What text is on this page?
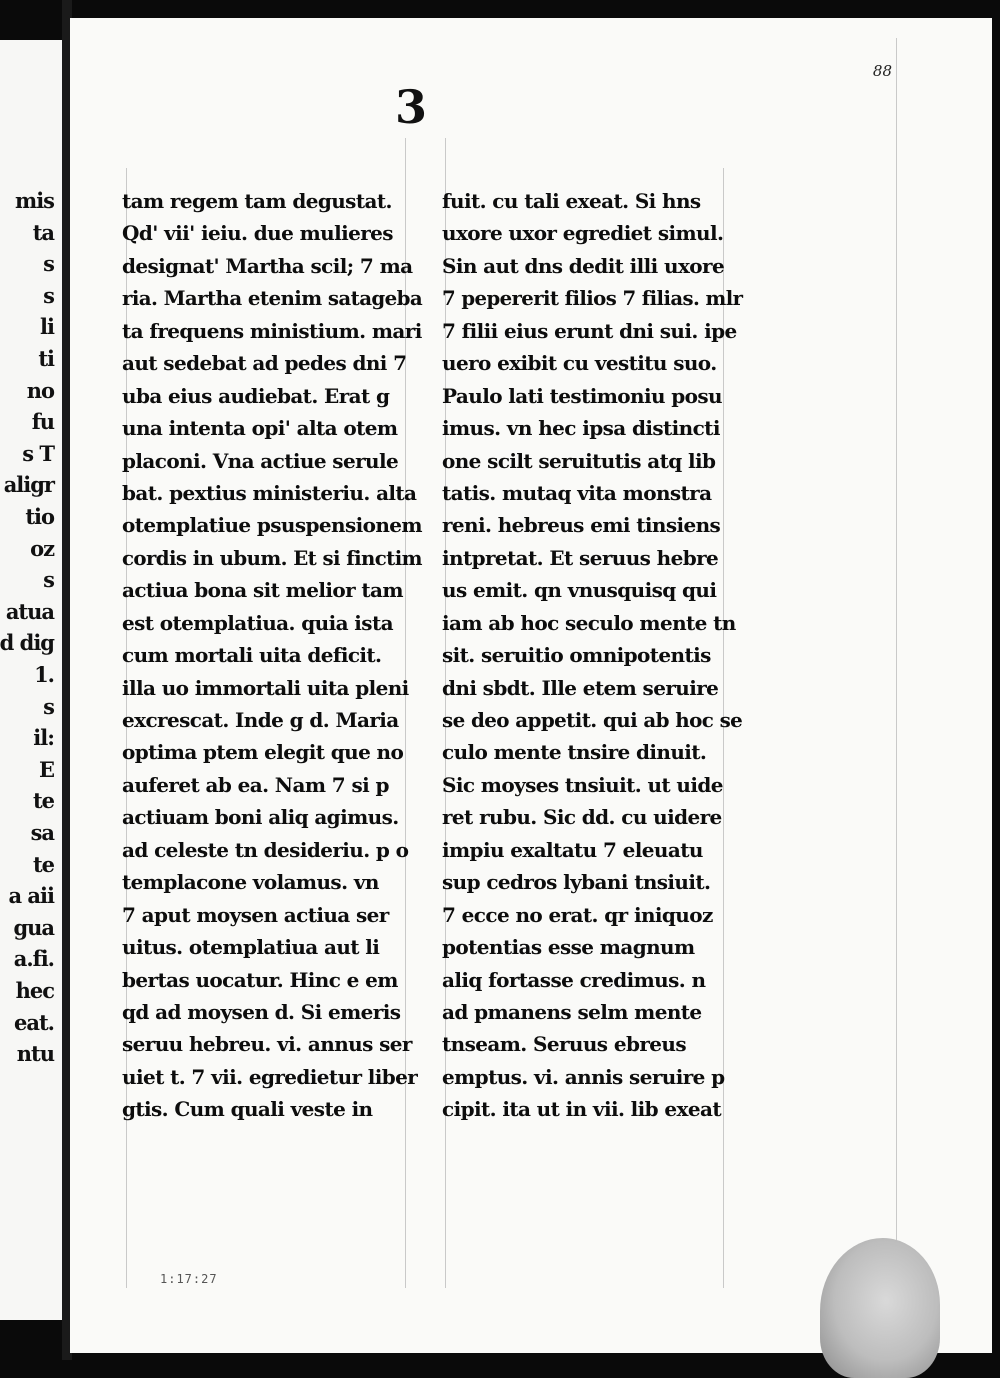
mis
ta
s
s
li
ti
no
fu
s T
aligr
tio
oz
s
atua
d dig
1.
s
il:
E
te
sa
te
a aii
gua
a.fi.
hec
eat.
ntu
88
3
tam regem tam degustat.
Qd' vii' ieiu. due mulieres
designat' Martha scil; 7 ma
ria. Martha etenim satageba
ta frequens ministium. mari
aut sedebat ad pedes dni 7
uba eius audiebat. Erat g
una intenta opi' alta otem
placoni. Vna actiue serule
bat. pextius ministeriu. alta
otemplatiue psuspensionem
cordis in ubum. Et si finctim
actiua bona sit melior tam
est otemplatiua. quia ista
cum mortali uita deficit.
illa uo immortali uita pleni
excrescat. Inde g d. Maria
optima ptem elegit que no
auferet ab ea. Nam 7 si p
actiuam boni aliq agimus.
ad celeste tn desideriu. p o
templacone volamus. vn
7 aput moysen actiua ser
uitus. otemplatiua aut li
bertas uocatur. Hinc e em
qd ad moysen d. Si emeris
seruu hebreu. vi. annus ser
uiet t. 7 vii. egredietur liber
gtis. Cum quali veste in
fuit. cu tali exeat. Si hns
uxore uxor egrediet simul.
Sin aut dns dedit illi uxore
7 pepererit filios 7 filias. mlr
7 filii eius erunt dni sui. ipe
uero exibit cu vestitu suo.
Paulo lati testimoniu posu
imus. vn hec ipsa distincti
one scilt seruitutis atq lib
tatis. mutaq vita monstra
reni. hebreus emi tinsiens
intpretat. Et seruus hebre
us emit. qn vnusquisq qui
iam ab hoc seculo mente tn
sit. seruitio omnipotentis
dni sbdt. Ille etem seruire
se deo appetit. qui ab hoc se
culo mente tnsire dinuit.
Sic moyses tnsiuit. ut uide
ret rubu. Sic dd. cu uidere
impiu exaltatu 7 eleuatu
sup cedros lybani tnsiuit.
7 ecce no erat. qr iniquoz
potentias esse magnum
aliq fortasse credimus. n
ad pmanens selm mente
tnseam. Seruus ebreus
emptus. vi. annis seruire p
cipit. ita ut in vii. lib exeat
1:17:27
